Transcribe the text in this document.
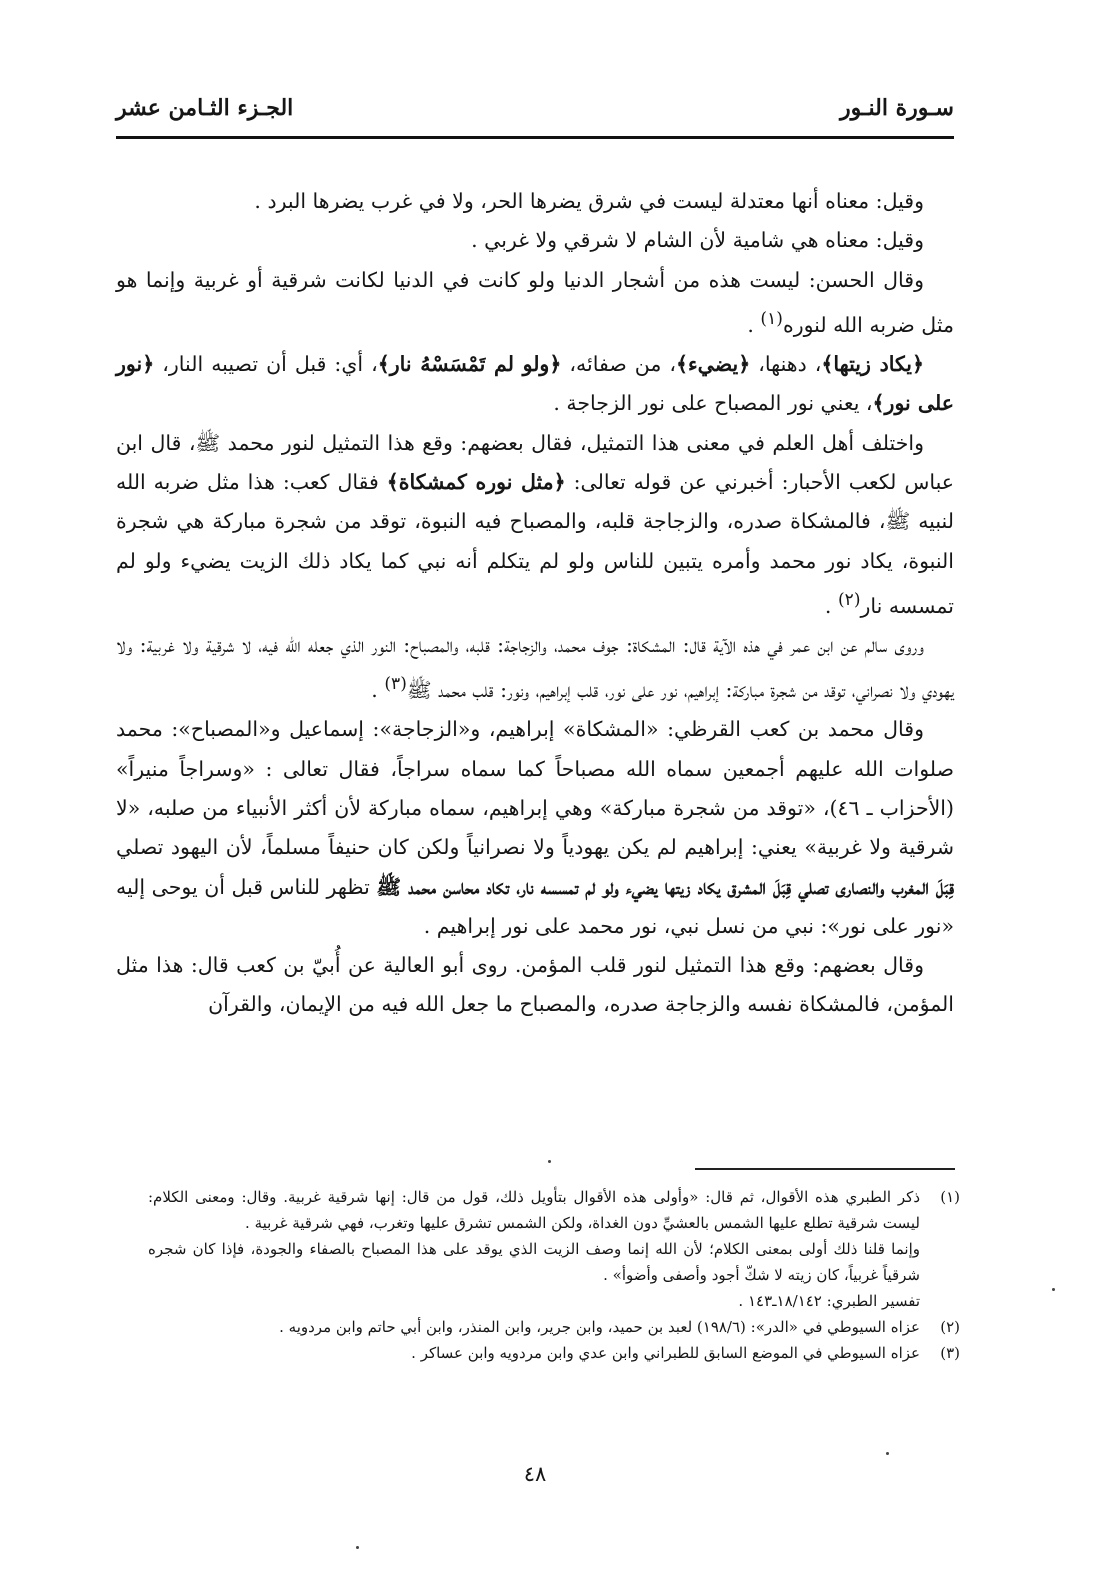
سـورة النـور
الجـزء الثـامن عشر

وقيل: معناه أنها معتدلة ليست في شرق يضرها الحر، ولا في غرب يضرها البرد .

وقيل: معناه هي شامية لأن الشام لا شرقي ولا غربي .

وقال الحسن: ليست هذه من أشجار الدنيا ولو كانت في الدنيا لكانت شرقية أو غربية وإنما هو مثل ضربه الله لنوره$^{(١)}$ .

﴿يكاد زيتها﴾، دهنها، ﴿يضيء﴾، من صفائه، ﴿ولو لم تَمْسَسْهُ نار﴾، أي: قبل أن تصيبه النار، ﴿نور على نور﴾، يعني نور المصباح على نور الزجاجة .

واختلف أهل العلم في معنى هذا التمثيل، فقال بعضهم: وقع هذا التمثيل لنور محمد ﷺ، قال ابن عباس لكعب الأحبار: أخبرني عن قوله تعالى: ﴿مثل نوره كمشكاة﴾ فقال كعب: هذا مثل ضربه الله لنبيه ﷺ، فالمشكاة صدره، والزجاجة قلبه، والمصباح فيه النبوة، توقد من شجرة مباركة هي شجرة النبوة، يكاد نور محمد وأمره يتبين للناس ولو لم يتكلم أنه نبي كما يكاد ذلك الزيت يضيء ولو لم تمسسه نار$^{(٢)}$ .

وروى سالم عن ابن عمر في هذه الآية قال: المشكاة: جوف محمد، والزجاجة: قلبه، والمصباح: النور الذي جعله الله فيه، لا شرقية ولا غربية: ولا يهودي ولا نصراني، توقد من شجرة مباركة: إبراهيم، نور على نور، قلب إبراهيم، ونور: قلب محمد ﷺ$^{(٣)}$ .

وقال محمد بن كعب القرظي: «المشكاة» إبراهيم، و«الزجاجة»: إسماعيل و«المصباح»: محمد صلوات الله عليهم أجمعين سماه الله مصباحاً كما سماه سراجاً، فقال تعالى : «وسراجاً منيراً» (الأحزاب ـ ٤٦)، «توقد من شجرة مباركة» وهي إبراهيم، سماه مباركة لأن أكثر الأنبياء من صلبه، «لا شرقية ولا غربية» يعني: إبراهيم لم يكن يهودياً ولا نصرانياً ولكن كان حنيفاً مسلماً، لأن اليهود تصلي قِبَلَ المغرب والنصارى تصلي قِبَلَ المشرق يكاد زيتها يضيء ولو لم تمسسه نار، تكاد محاسن محمد ﷺ تظهر للناس قبل أن يوحى إليه «نور على نور»: نبي من نسل نبي، نور محمد على نور إبراهيم .

وقال بعضهم: وقع هذا التمثيل لنور قلب المؤمن. روى أبو العالية عن أُبيّ بن كعب قال: هذا مثل المؤمن، فالمشكاة نفسه والزجاجة صدره، والمصباح ما جعل الله فيه من الإيمان، والقرآن

(١)

ذكر الطبري هذه الأقوال، ثم قال: «وأولى هذه الأقوال بتأويل ذلك، قول من قال: إنها شرقية غربية. وقال: ومعنى الكلام: ليست شرقية تطلع عليها الشمس بالعشيِّ دون الغداة، ولكن الشمس تشرق عليها وتغرب، فهي شرقية غربية .

وإنما قلنا ذلك أولى بمعنى الكلام؛ لأن الله إنما وصف الزيت الذي يوقد على هذا المصباح بالصفاء والجودة، فإذا كان شجره شرقياً غربياً، كان زيته لا شكّ أجود وأصفى وأضوأ» .

تفسير الطبري: ١٨/١٤٢ـ١٤٣ .

(٢)

عزاه السيوطي في «الدر»: (١٩٨/٦) لعبد بن حميد، وابن جرير، وابن المنذر، وابن أبي حاتم وابن مردويه .

(٣)

عزاه السيوطي في الموضع السابق للطبراني وابن عدي وابن مردويه وابن عساكر .

٤٨
